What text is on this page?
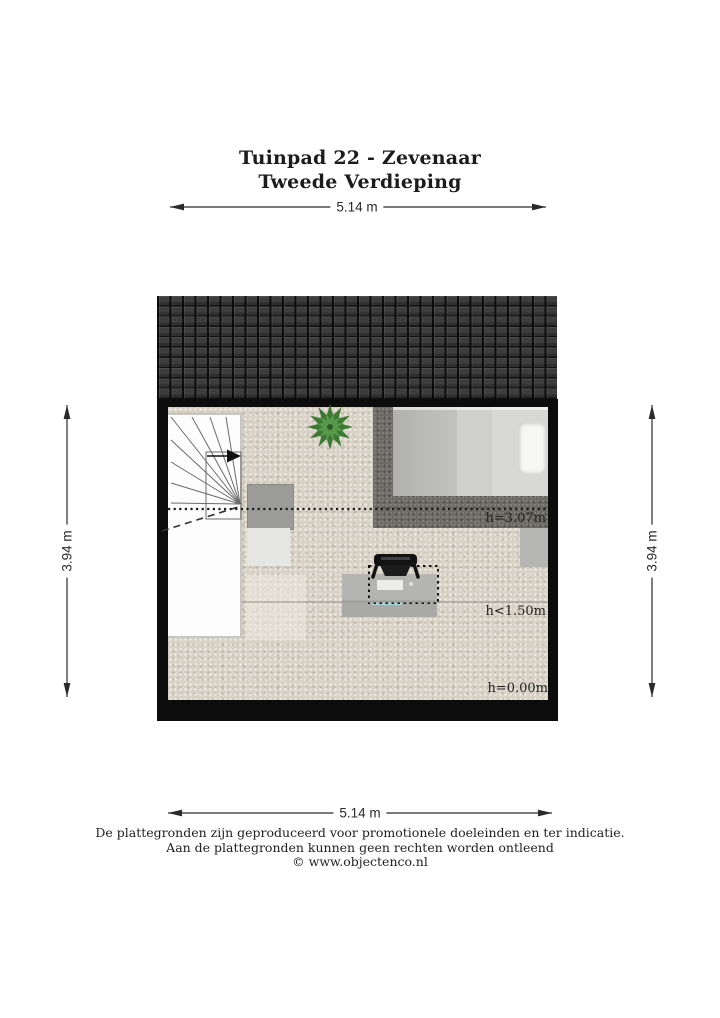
Tuinpad 22 - Zevenaar
Tweede Verdieping
5.14 m
5.14 m
3.94 m	3.94 m
h=3.07m
h<1.50m
h=0.00m
De plattegronden zijn geproduceerd voor promotionele doeleinden en ter indicatie.
Aan de plattegronden kunnen geen rechten worden ontleend
© www.objectenco.nl
